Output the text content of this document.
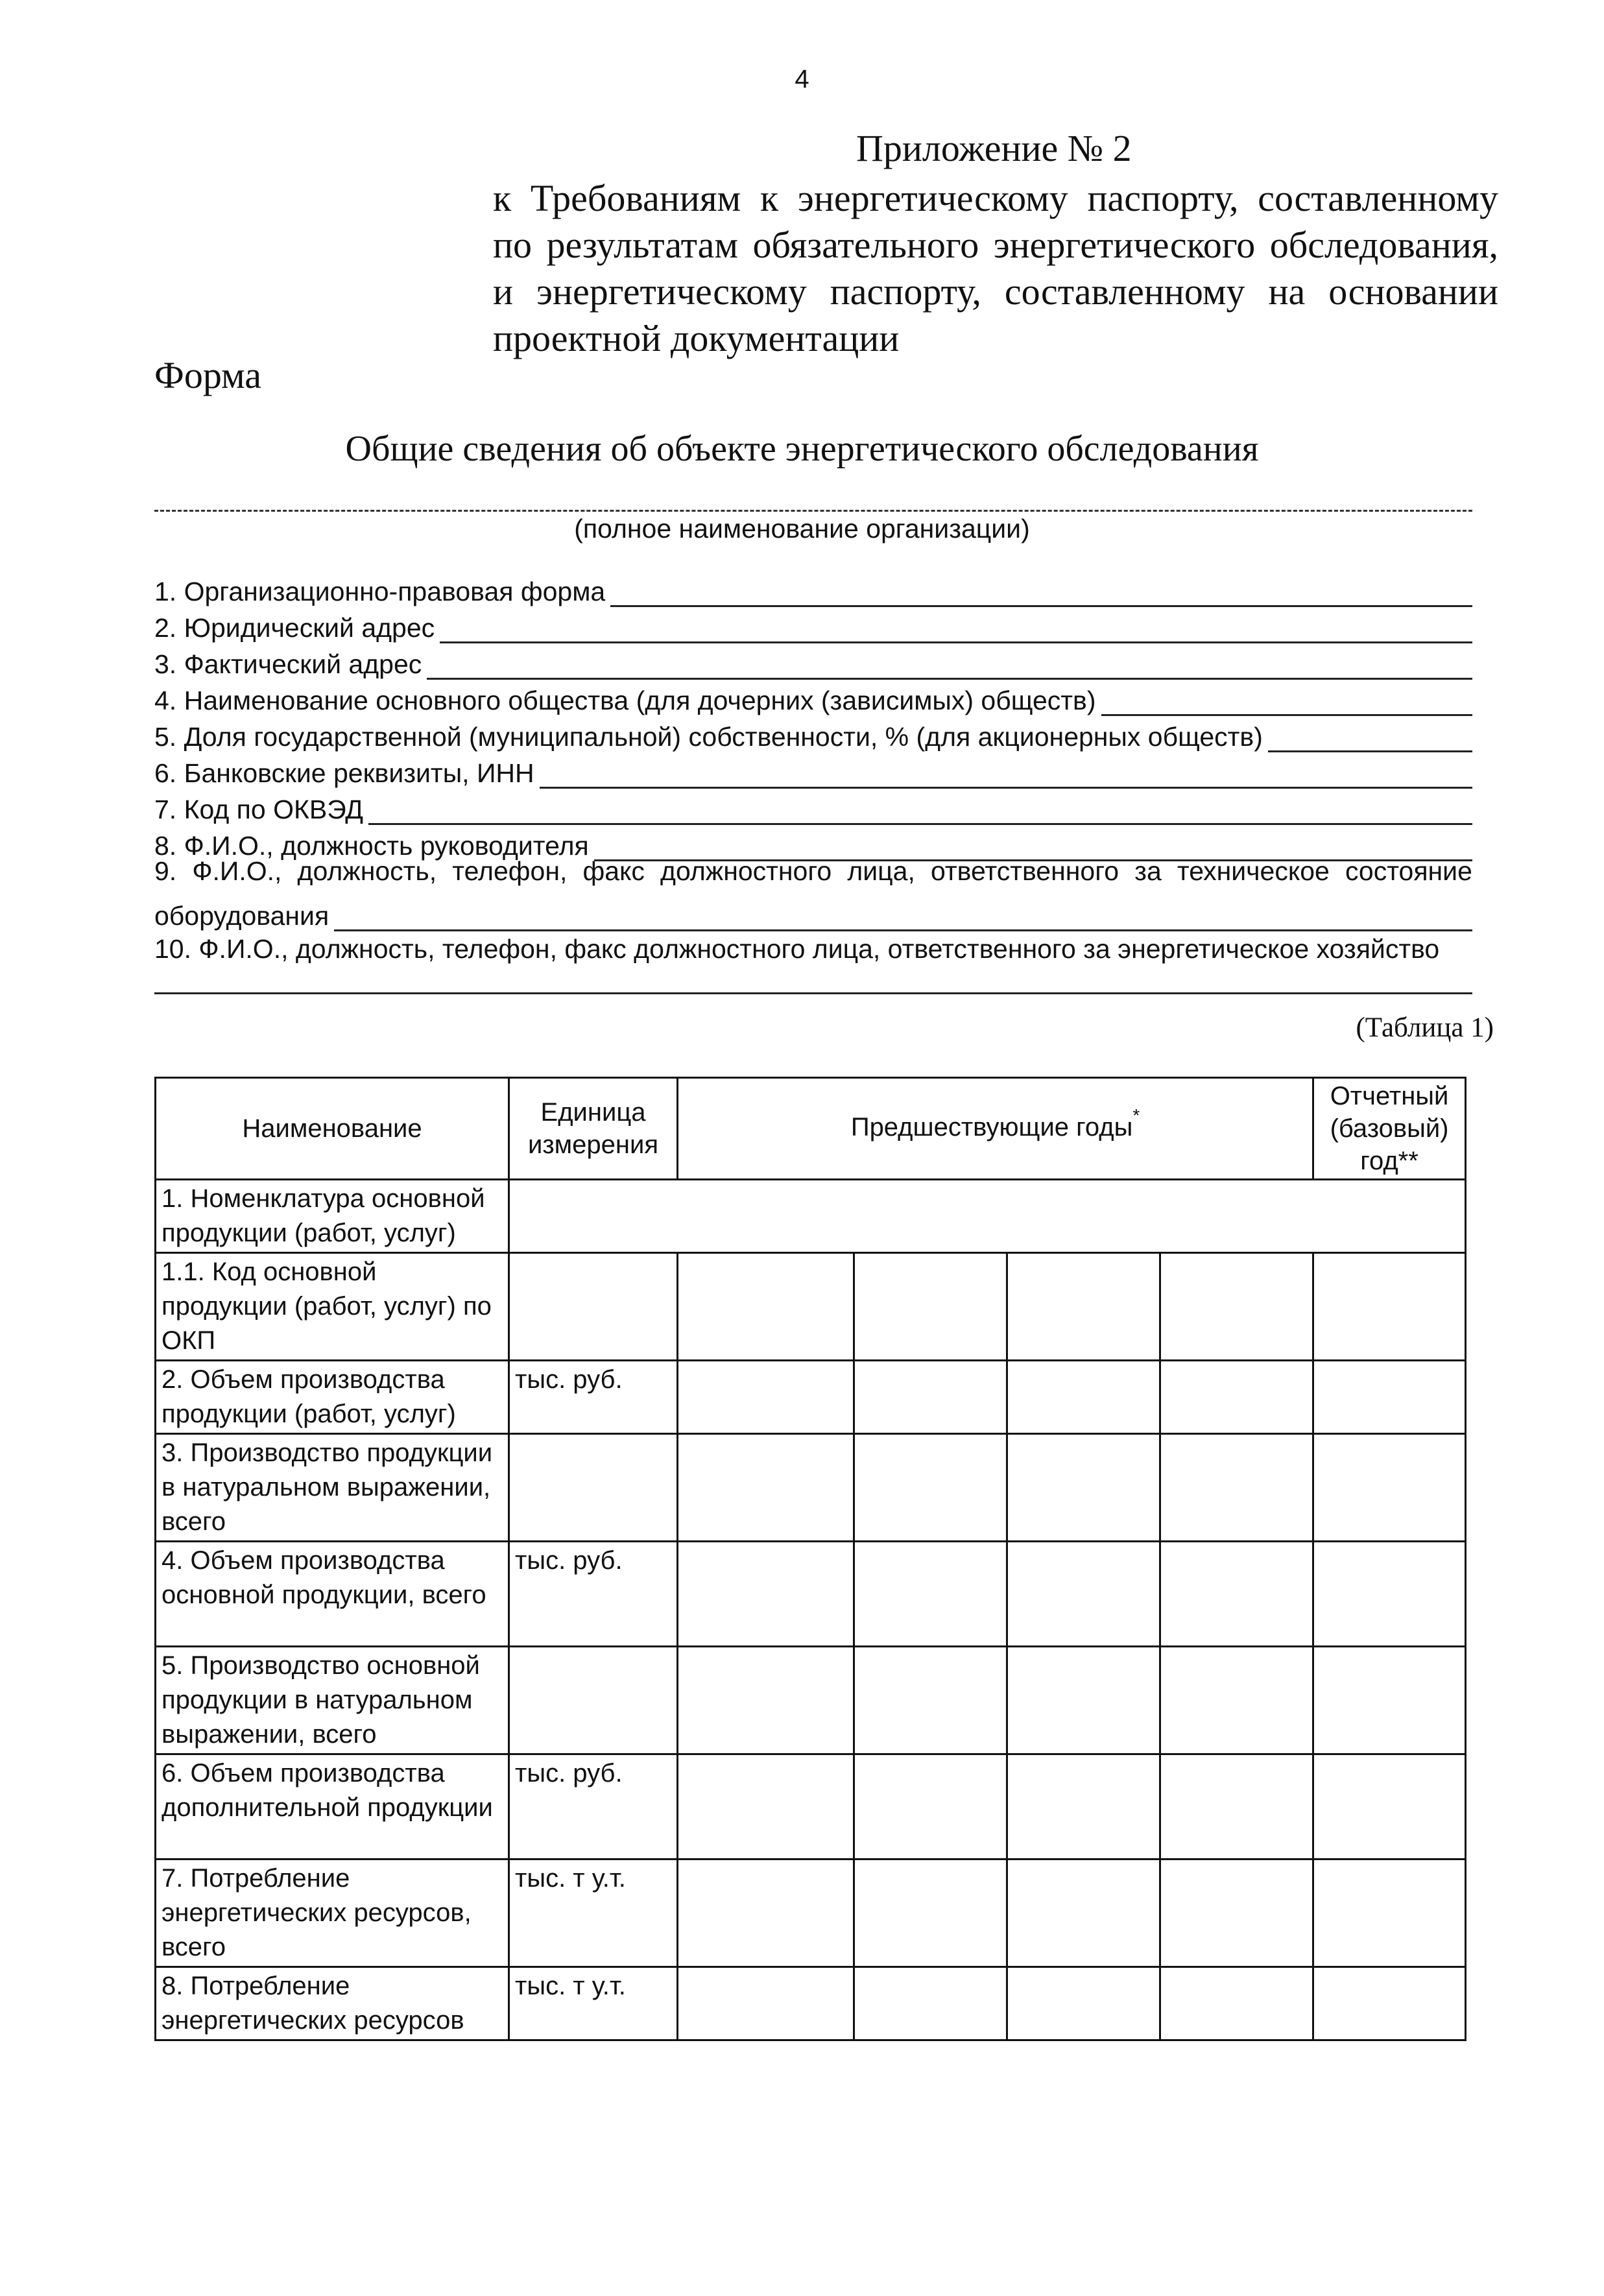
4
Приложение № 2
к Требованиям к энергетическому паспорту, составленному
по результатам обязательного энергетического обследования,
и энергетическому паспорту, составленному на основании
проектной документации
Форма
Общие сведения об объекте энергетического обследования
(полное наименование организации)
1. Организационно-правовая форма
2. Юридический адрес
3. Фактический адрес
4. Наименование основного общества (для дочерних (зависимых) обществ)
5. Доля государственной (муниципальной) собственности, % (для акционерных обществ)
6. Банковские реквизиты, ИНН
7. Код по ОКВЭД
8. Ф.И.О., должность руководителя
9. Ф.И.О., должность, телефон, факс должностного лица, ответственного за техническое состояние
оборудования
10. Ф.И.О., должность, телефон, факс должностного лица, ответственного за энергетическое хозяйство
(Таблица 1)
Наименование	Единица измерения	Предшествующие годы*				Отчетный (базовый) год**
1. Номенклатура основной продукции (работ, услуг)						
1.1. Код основной продукции (работ, услуг) по ОКП						
2. Объем производства продукции (работ, услуг)	тыс. руб.					
3. Производство продукции в натуральном выражении, всего						
4. Объем производства основной продукции, всего	тыс. руб.					
5. Производство основной продукции в натуральном выражении, всего						
6. Объем производства дополнительной продукции	тыс. руб.					
7. Потребление энергетических ресурсов, всего	тыс. т у.т.					
8. Потребление энергетических ресурсов	тыс. т у.т.					
